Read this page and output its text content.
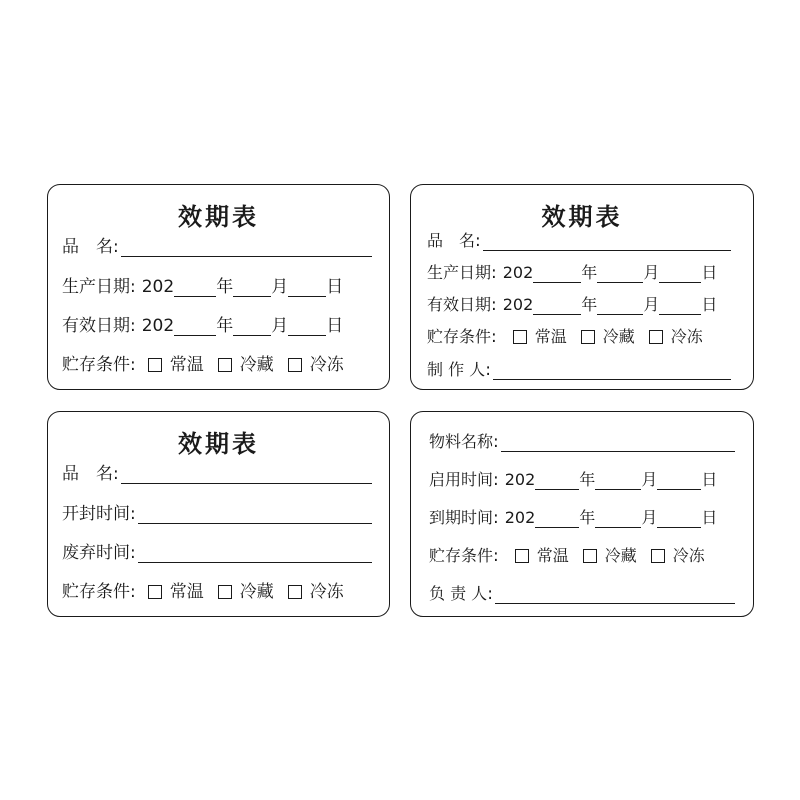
效期表
品　名 :
生产日期 : 202 年 月 日
有效日期 : 202 年 月 日
贮存条件 : 常温 冷藏 冷冻
效期表
品　名 :
生产日期 : 202	年	月	日
有效日期 : 202	年	月	日
贮存条件 : 常温 冷藏 冷冻
制 作 人 :
效期表
品　名 :
开封时间 :
废弃时间 :
贮存条件 : 常温 冷藏 冷冻
物料名称 :
启用时间 : 202	年	月	日
到期时间 : 202	年	月	日
贮存条件 : 常温 冷藏 冷冻
负 责 人 :
